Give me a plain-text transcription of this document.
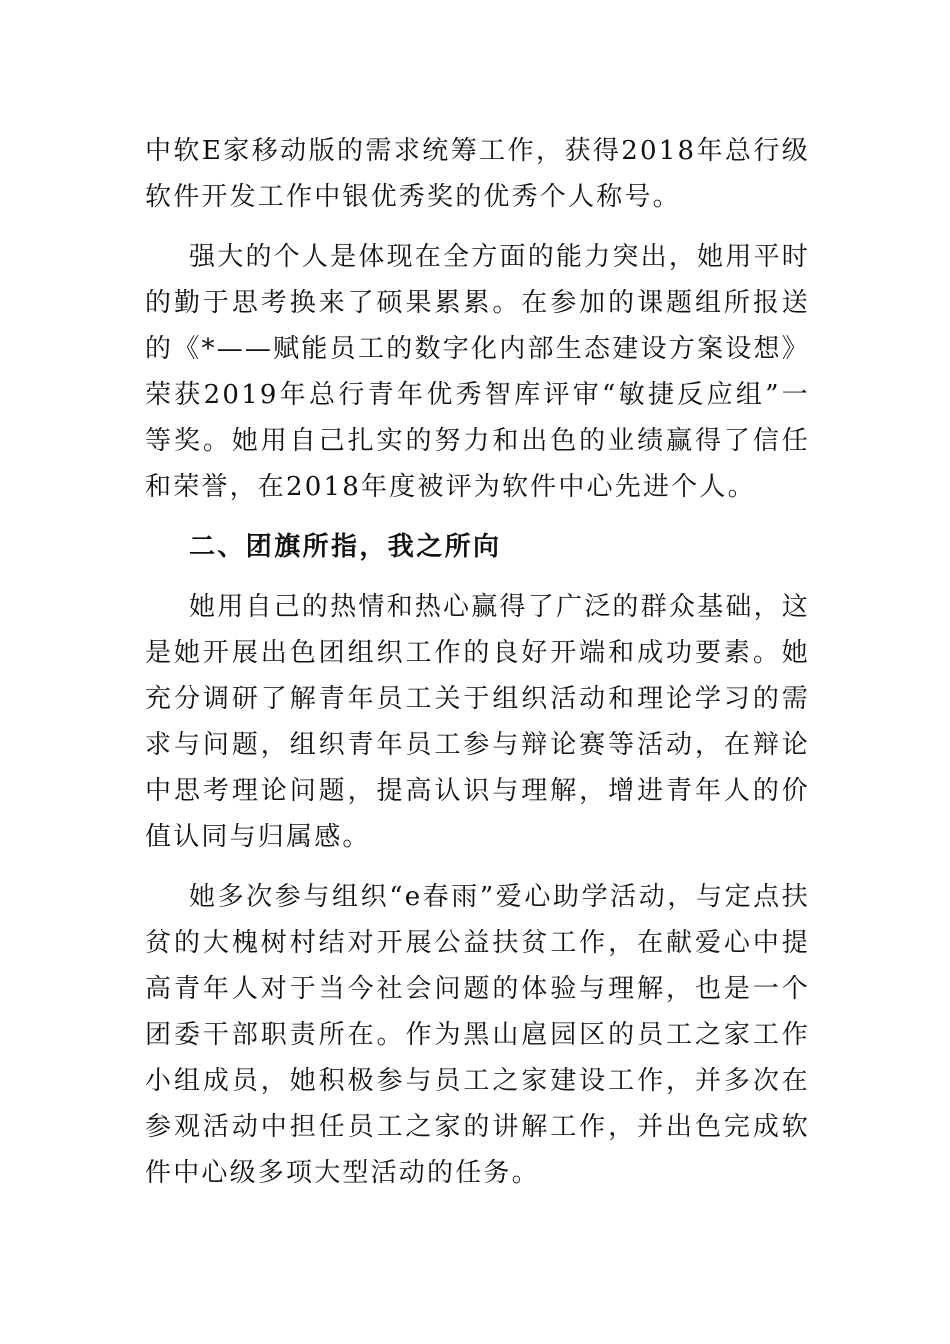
中软E家移动版的需求统筹工作，获得2018年总行级软件开发工作中银优秀奖的优秀个人称号。

强大的个人是体现在全方面的能力突出，她用平时的勤于思考换来了硕果累累。在参加的课题组所报送的《*——赋能员工的数字化内部生态建设方案设想》荣获2019年总行青年优秀智库评审“敏捷反应组”一等奖。她用自己扎实的努力和出色的业绩赢得了信任和荣誉，在2018年度被评为软件中心先进个人。

二、团旗所指，我之所向

她用自己的热情和热心赢得了广泛的群众基础，这是她开展出色团组织工作的良好开端和成功要素。她充分调研了解青年员工关于组织活动和理论学习的需求与问题，组织青年员工参与辩论赛等活动，在辩论中思考理论问题，提高认识与理解，增进青年人的价值认同与归属感。

她多次参与组织“e春雨”爱心助学活动，与定点扶贫的大槐树村结对开展公益扶贫工作，在献爱心中提高青年人对于当今社会问题的体验与理解，也是一个团委干部职责所在。作为黑山扈园区的员工之家工作小组成员，她积极参与员工之家建设工作，并多次在参观活动中担任员工之家的讲解工作，并出色完成软件中心级多项大型活动的任务。
